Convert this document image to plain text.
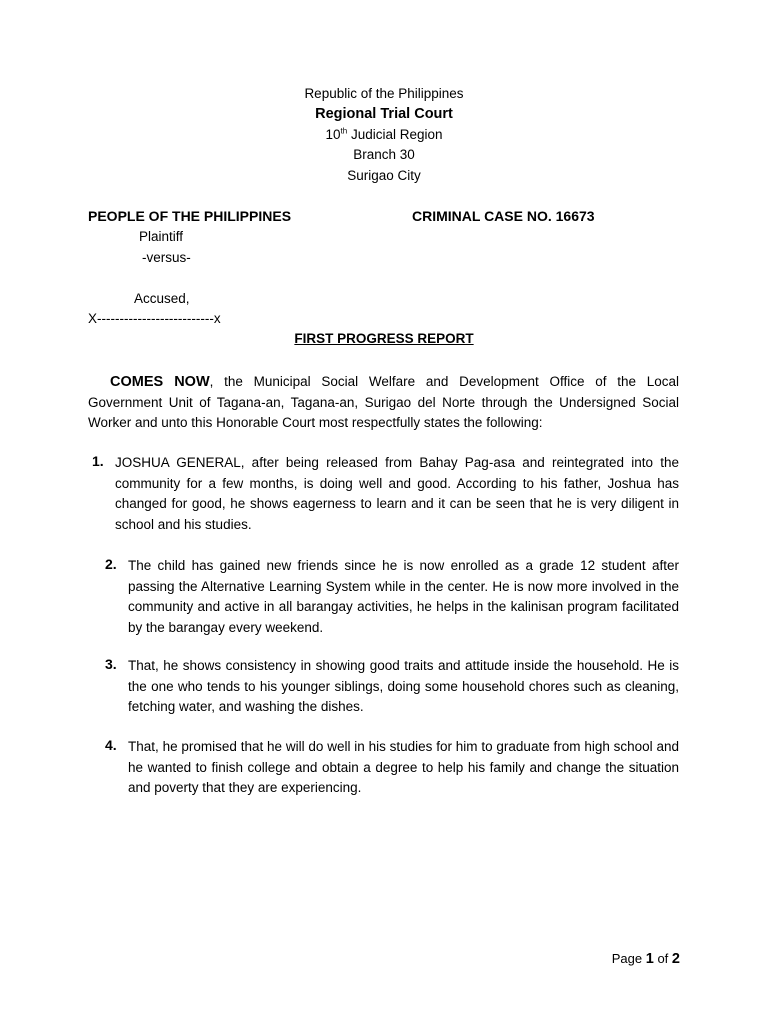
Republic of the Philippines
Regional Trial Court
10th Judicial Region
Branch 30
Surigao City
PEOPLE OF THE PHILIPPINES	CRIMINAL CASE NO. 16673
Plaintiff
-versus-
Accused,
X--------------------------x
FIRST PROGRESS REPORT
COMES NOW, the Municipal Social Welfare and Development Office of the Local Government Unit of Tagana-an, Tagana-an, Surigao del Norte through the Undersigned Social Worker and unto this Honorable Court most respectfully states the following:
1. JOSHUA GENERAL, after being released from Bahay Pag-asa and reintegrated into the community for a few months, is doing well and good. According to his father, Joshua has changed for good, he shows eagerness to learn and it can be seen that he is very diligent in school and his studies.
2. The child has gained new friends since he is now enrolled as a grade 12 student after passing the Alternative Learning System while in the center. He is now more involved in the community and active in all barangay activities, he helps in the kalinisan program facilitated by the barangay every weekend.
3. That, he shows consistency in showing good traits and attitude inside the household. He is the one who tends to his younger siblings, doing some household chores such as cleaning, fetching water, and washing the dishes.
4. That, he promised that he will do well in his studies for him to graduate from high school and he wanted to finish college and obtain a degree to help his family and change the situation and poverty that they are experiencing.
Page 1 of 2
